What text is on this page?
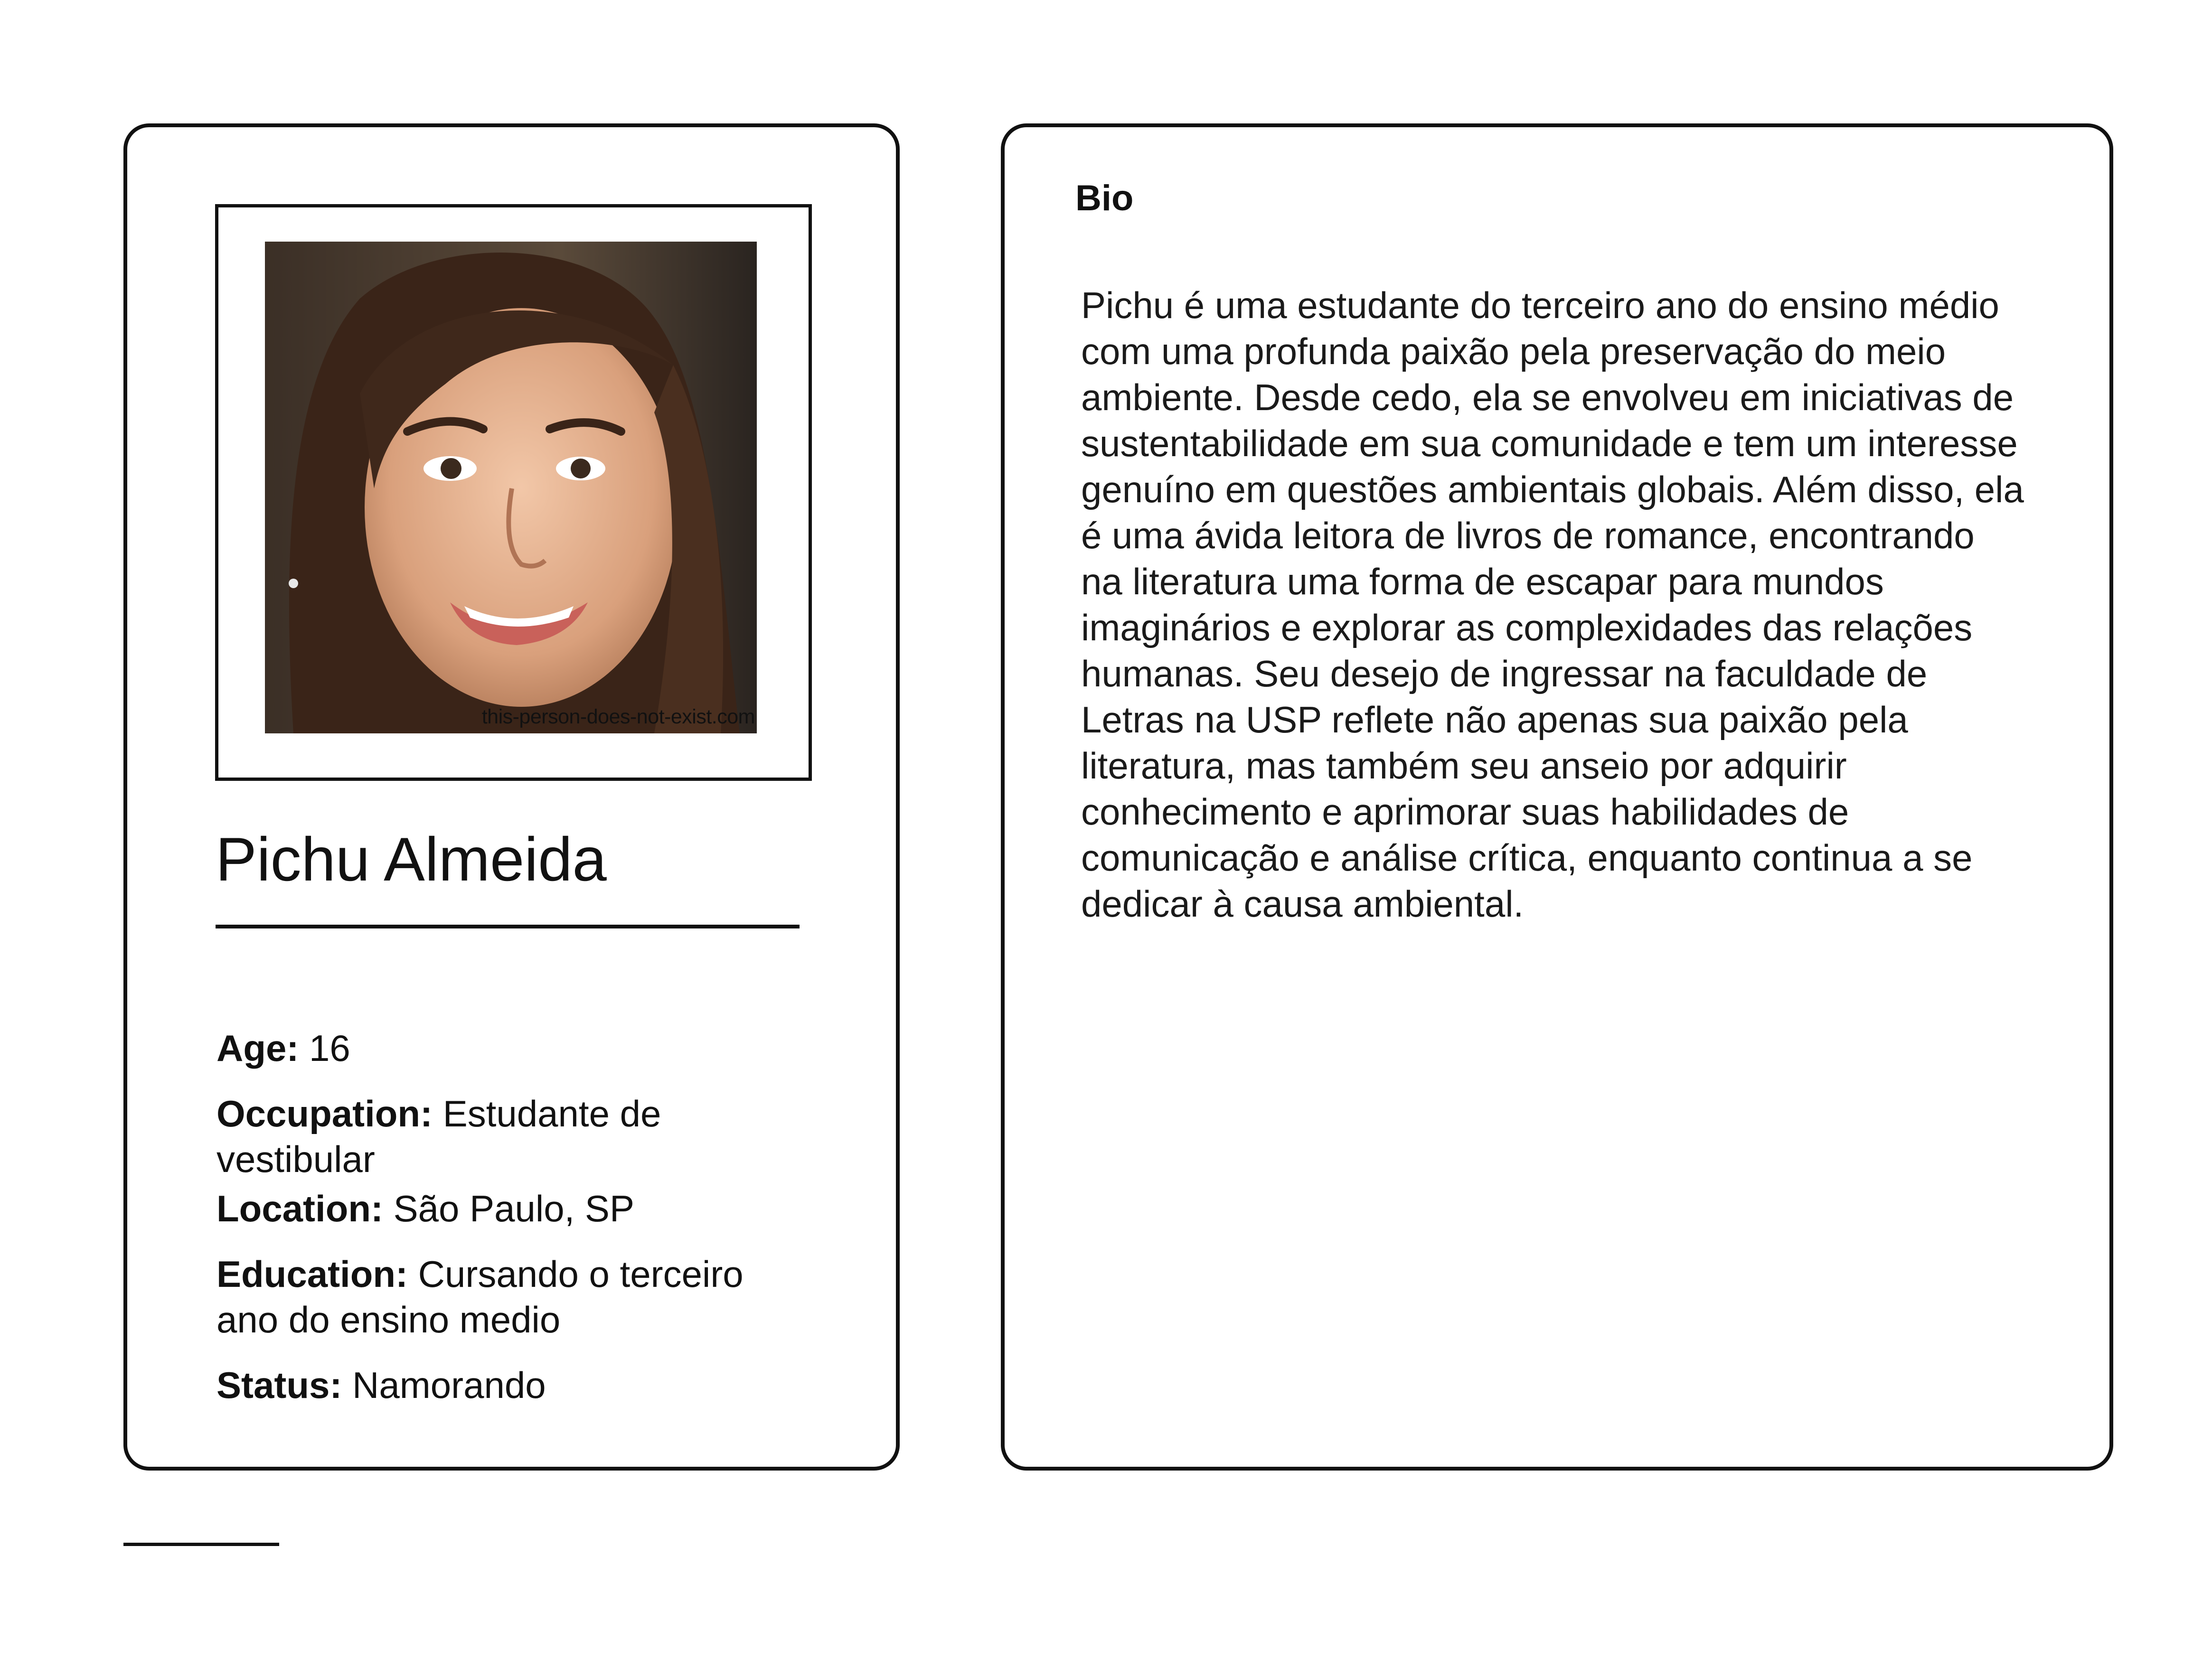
this-person-does-not-exist.com
Pichu Almeida

Age: 16

Occupation: Estudante de vestibular

Location: São Paulo, SP

Education: Cursando o terceiro ano do ensino medio

Status: Namorando

Bio

Pichu é uma estudante do terceiro ano do ensino médio com uma profunda paixão pela preservação do meio ambiente. Desde cedo, ela se envolveu em iniciativas de sustentabilidade em sua comunidade e tem um interesse genuíno em questões ambientais globais. Além disso, ela é uma ávida leitora de livros de romance, encontrando na literatura uma forma de escapar para mundos imaginários e explorar as complexidades das relações humanas. Seu desejo de ingressar na faculdade de Letras na USP reflete não apenas sua paixão pela literatura, mas também seu anseio por adquirir conhecimento e aprimorar suas habilidades de comunicação e análise crítica, enquanto continua a se dedicar à causa ambiental.
